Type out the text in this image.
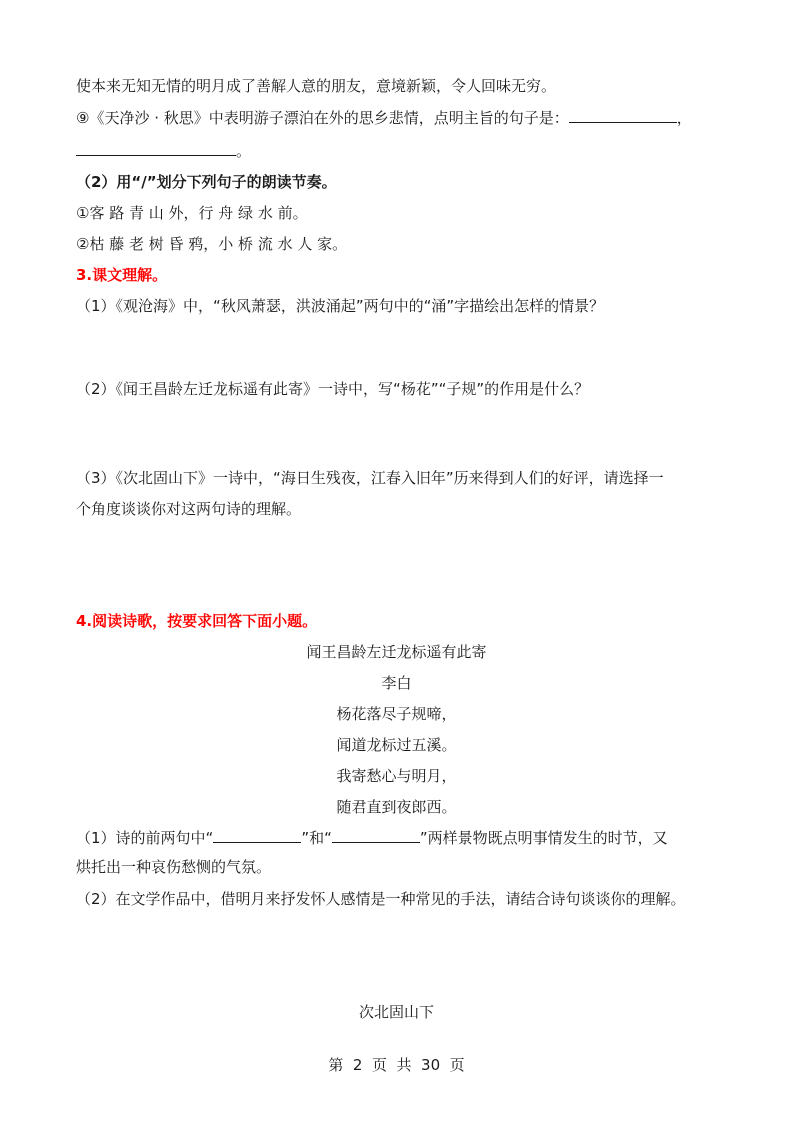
使本来无知无情的明月成了善解人意的朋友，意境新颖，令人回味无穷。
⑨《天净沙 · 秋思》中表明游子漂泊在外的思乡悲情，点明主旨的句子是：	，
。
（2）用“/”划分下列句子的朗读节奏。
①客 路 青 山 外，行 舟 绿 水 前。
②枯 藤 老 树 昏 鸦，小 桥 流 水 人 家。
3.课文理解。
（1）《观沧海》中，“秋风萧瑟，洪波涌起”两句中的“涌”字描绘出怎样的情景？
（2）《闻王昌龄左迁龙标遥有此寄》一诗中，写“杨花”“子规”的作用是什么？
（3）《次北固山下》一诗中，“海日生残夜，江春入旧年”历来得到人们的好评，请选择一
个角度谈谈你对这两句诗的理解。
4.阅读诗歌，按要求回答下面小题。
闻王昌龄左迁龙标遥有此寄
李白
杨花落尽子规啼，
闻道龙标过五溪。
我寄愁心与明月，
随君直到夜郎西。
（1）诗的前两句中“	”和“	”两样景物既点明事情发生的时节，又
烘托出一种哀伤愁恻的气氛。
（2）在文学作品中，借明月来抒发怀人感情是一种常见的手法，请结合诗句谈谈你的理解。
次北固山下
第  2  页  共  30  页
